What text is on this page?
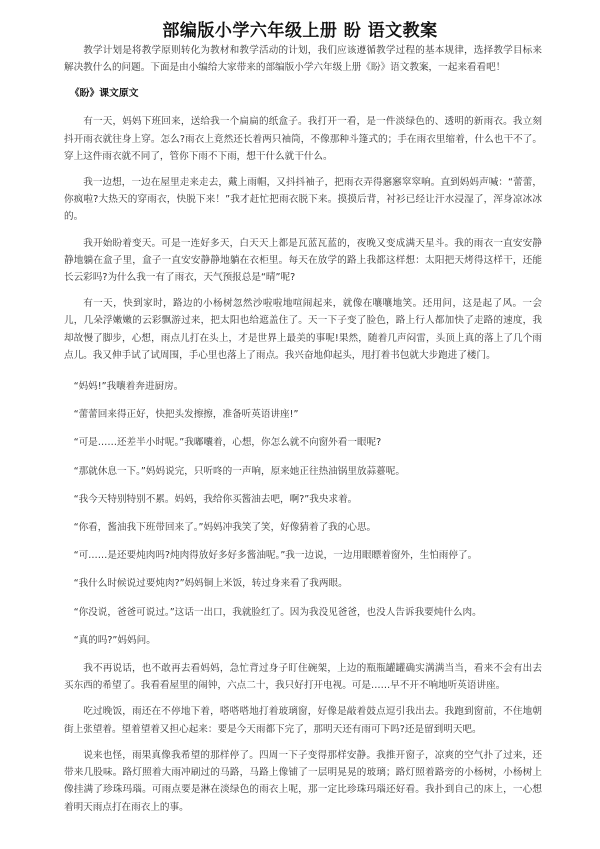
部编版小学六年级上册 盼 语文教案

教学计划是将教学原则转化为教材和教学活动的计划，我们应该遵循教学过程的基本规律，选择教学目标来解决教什么的问题。下面是由小编给大家带来的部编版小学六年级上册《盼》语文教案，一起来看看吧！

《盼》课文原文

有一天，妈妈下班回来，送给我一个扁扁的纸盒子。我打开一看，是一件淡绿色的、透明的新雨衣。我立刻抖开雨衣就往身上穿。怎么?雨衣上竟然还长着两只袖筒，不像那种斗篷式的；手在雨衣里缩着，什么也干不了。穿上这件雨衣就不同了，管你下雨不下雨，想干什么就干什么。

我一边想，一边在屋里走来走去，戴上雨帽，又抖抖袖子，把雨衣弄得窸窸窣窣响。直到妈妈声喊：“蕾蕾，你疯啦?大热天的穿雨衣，快脱下来！”我才赶忙把雨衣脱下来。摸摸后背，衬衫已经让汗水浸湿了，浑身凉冰冰的。

我开始盼着变天。可是一连好多天，白天天上都是瓦蓝瓦蓝的，夜晚又变成满天星斗。我的雨衣一直安安静静地躺在盒子里，盒子一直安安静静地躺在衣柜里。每天在放学的路上我都这样想：太阳把天烤得这样干，还能长云彩吗?为什么我一有了雨衣，天气预报总是“晴”呢?

有一天，快到家时，路边的小杨树忽然沙啦啦地喧闹起来，就像在嚷嚷地笑。还用问，这是起了风。一会儿，几朵浮嫩嫩的云彩飘游过来，把太阳也给遮盖住了。天一下子变了脸色，路上行人都加快了走路的速度，我却故慢了脚步，心想，雨点儿打在头上，才是世界上最美的事呢!果然，随着几声闷雷，头顶上真的落上了几个雨点儿。我又伸手试了试周围，手心里也落上了雨点。我兴奋地仰起头，甩打着书包就大步跑进了楼门。

“妈妈!”我嚷着奔进厨房。

“蕾蕾回来得正好，快把头发擦擦，准备听英语讲座!”

“可是……还差半小时呢。”我嘟囔着，心想，你怎么就不向窗外看一眼呢?

“那就休息一下。”妈妈说完，只听咚的一声响，原来她正往热油锅里放蒜薹呢。

“我今天特别特别不累。妈妈，我给你买酱油去吧，啊?”我央求着。

“你看，酱油我下班带回来了。”妈妈冲我笑了笑，好像猜着了我的心思。

“可……是还要炖肉吗?炖肉得放好多好多酱油呢。”我一边说，一边用眼瞟着窗外，生怕雨停了。

“我什么时候说过要炖肉?”妈妈铜上米饭，转过身来看了我两眼。

“你没说，爸爸可说过。”这话一出口，我就脸红了。因为我没见爸爸，也没人告诉我要炖什么肉。

“真的吗?”妈妈问。

我不再说话，也不敢再去看妈妈，急忙背过身子盯住碗架，上边的瓶瓶罐罐确实满满当当，看来不会有出去买东西的希望了。我看看屋里的闹钟，六点二十，我只好打开电视。可是……早不开不响地听英语讲座。

吃过晚饭，雨还在不停地下着，嗒嗒嗒地打着玻璃窗，好像是敲着鼓点逗引我出去。我跑到窗前，不住地朝街上张望着。望着望着又担心起来：要是今天雨都下完了，那明天还有雨可下吗?还是留到明天吧。

说来也怪，雨果真像我希望的那样停了。四周一下子变得那样安静。我推开窗子，凉爽的空气扑了过来，还带来几股味。路灯照着大雨冲刷过的马路，马路上像铺了一层明晃晃的玻璃；路灯照着路旁的小杨树，小杨树上像挂满了珍珠玛瑙。可雨点要是淋在淡绿色的雨衣上呢，那一定比珍珠玛瑙还好看。我扑到自己的床上，一心想着明天雨点打在雨衣上的事。
